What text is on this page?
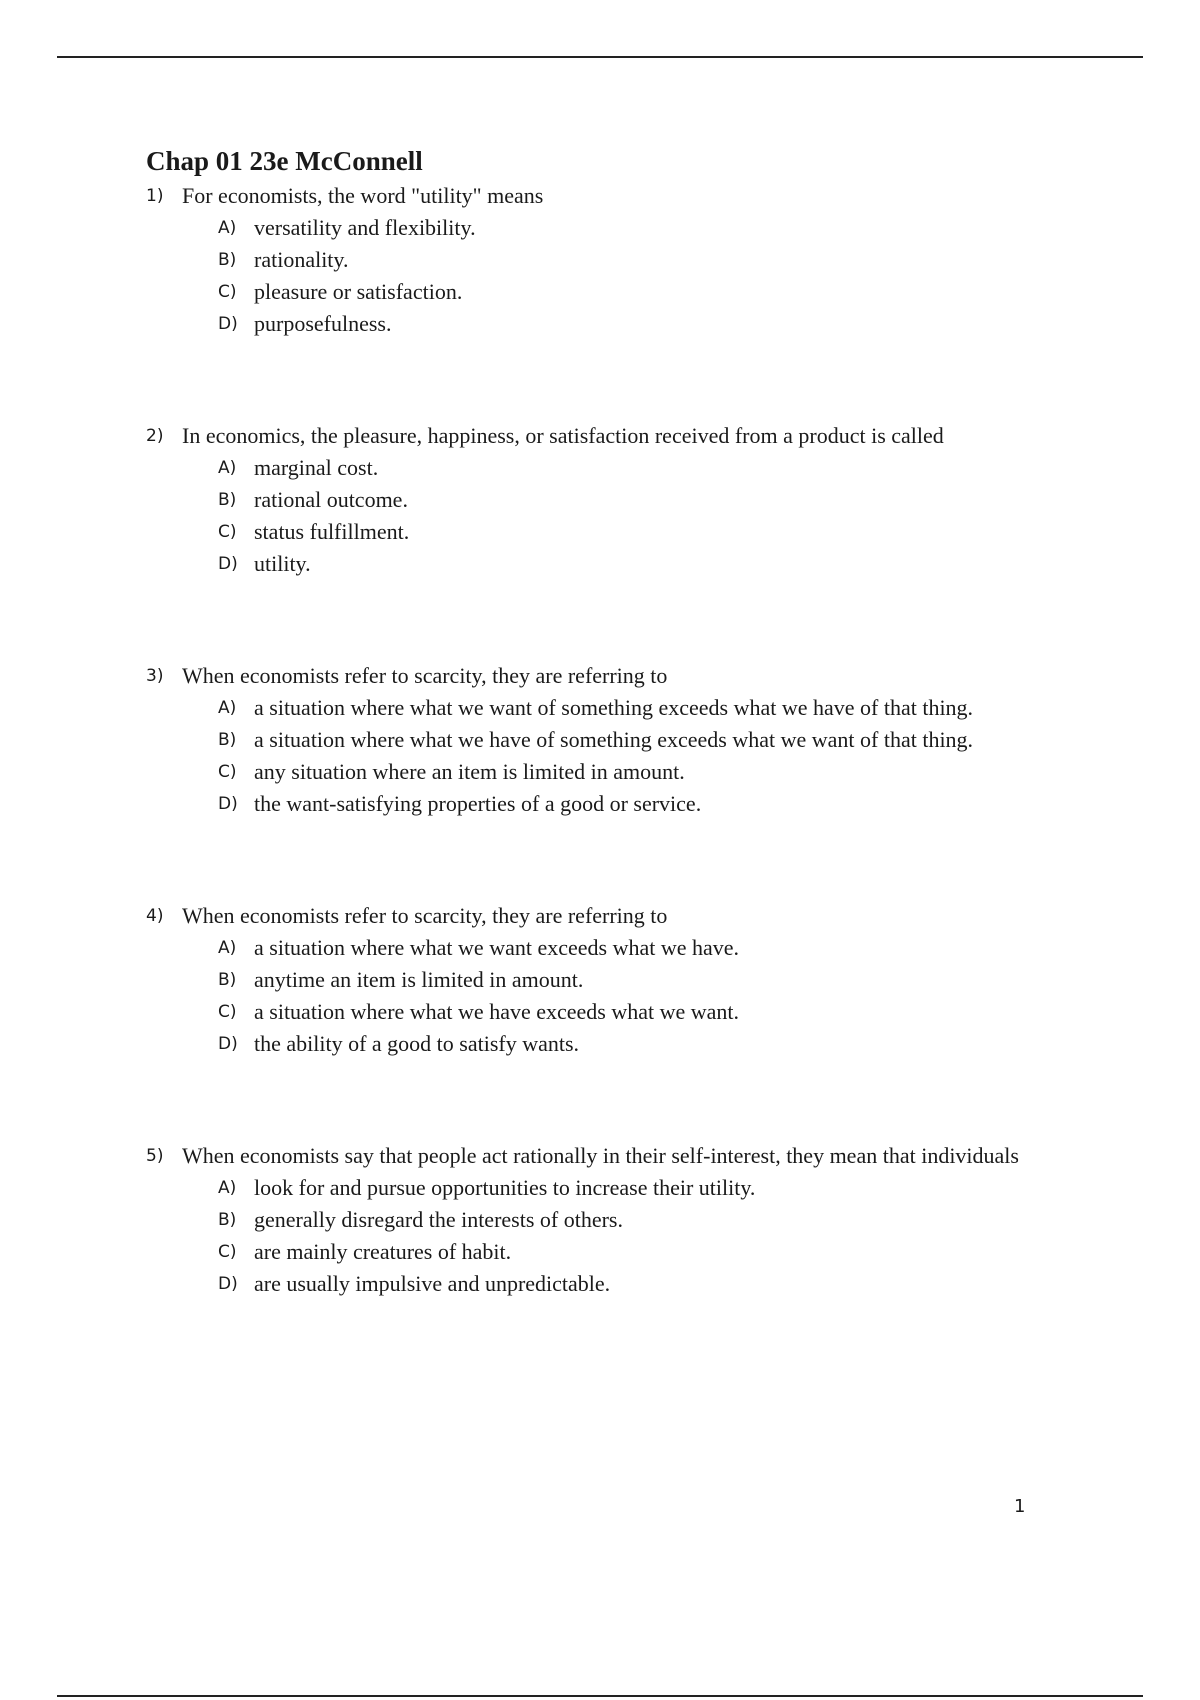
Chap 01 23e McConnell
1) For economists, the word "utility" means
A) versatility and flexibility.
B) rationality.
C) pleasure or satisfaction.
D) purposefulness.
2) In economics, the pleasure, happiness, or satisfaction received from a product is called
A) marginal cost.
B) rational outcome.
C) status fulfillment.
D) utility.
3) When economists refer to scarcity, they are referring to
A) a situation where what we want of something exceeds what we have of that thing.
B) a situation where what we have of something exceeds what we want of that thing.
C) any situation where an item is limited in amount.
D) the want-satisfying properties of a good or service.
4) When economists refer to scarcity, they are referring to
A) a situation where what we want exceeds what we have.
B) anytime an item is limited in amount.
C) a situation where what we have exceeds what we want.
D) the ability of a good to satisfy wants.
5) When economists say that people act rationally in their self-interest, they mean that individuals
A) look for and pursue opportunities to increase their utility.
B) generally disregard the interests of others.
C) are mainly creatures of habit.
D) are usually impulsive and unpredictable.
1
